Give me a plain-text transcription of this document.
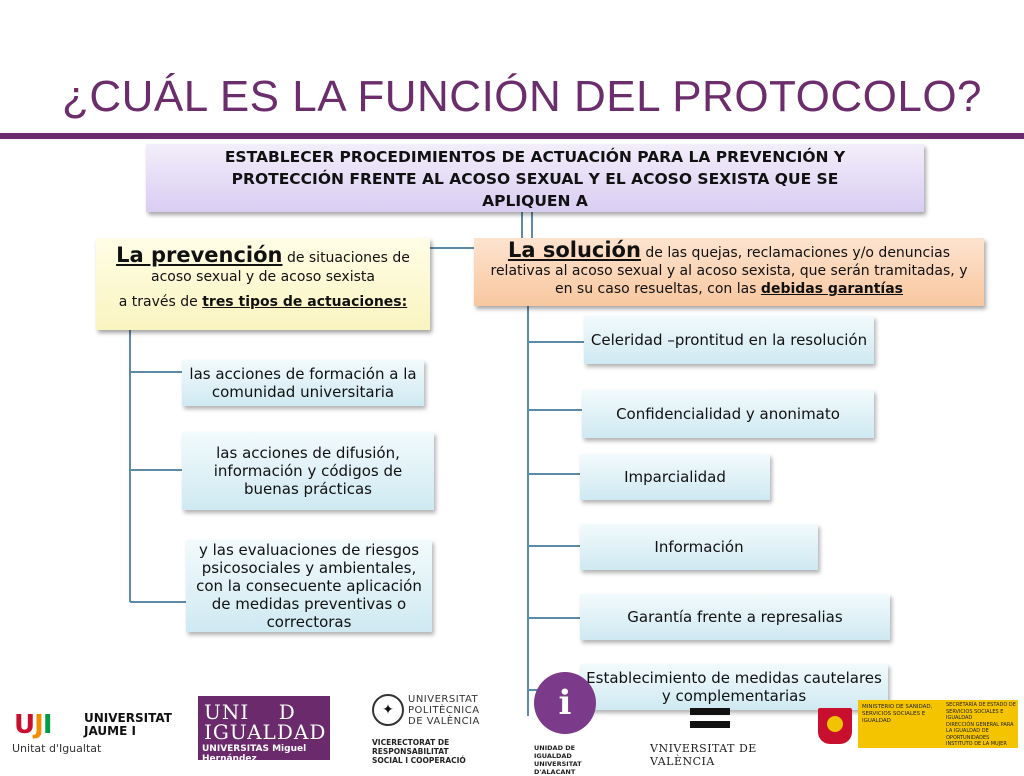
¿CUÁL ES LA FUNCIÓN DEL PROTOCOLO?
ESTABLECER PROCEDIMIENTOS DE ACTUACIÓN PARA LA PREVENCIÓN Y
PROTECCIÓN FRENTE AL ACOSO SEXUAL Y EL ACOSO SEXISTA QUE SE
APLIQUEN A
La prevención de situaciones de acoso sexual y de acoso sexista
a través de tres tipos de actuaciones:
La solución de las quejas, reclamaciones y/o denuncias relativas al acoso sexual y al acoso sexista, que serán tramitadas, y en su caso resueltas, con las debidas garantías
las acciones de formación a la comunidad universitaria
las acciones de difusión, información y códigos de buenas prácticas
y las evaluaciones de riesgos psicosociales y ambientales, con la consecuente aplicación de medidas preventivas o correctoras
Celeridad –prontitud en la resolución
Confidencialidad y anonimato
Imparcialidad
Información
Garantía frente a represalias
Establecimiento de medidas cautelares y complementarias
UJI	UNIVERSITAT
JAUME I
Unitat d'Igualtat
UNI D
IGUALDAD
UNIVERSITAS Miguel Hernández
✦
UNIVERSITAT
POLITÈCNICA
DE VALÈNCIA
VICERECTORAT DE RESPONSABILITAT
SOCIAL I COOPERACIÓ
i
UNIDAD DE IGUALDAD
UNIVERSITAT D'ALACANT
VNIVERSITAT DE VALÈNCIA
MINISTERIO DE SANIDAD, SERVICIOS SOCIALES E IGUALDAD
SECRETARÍA DE ESTADO DE SERVICIOS SOCIALES E IGUALDAD
DIRECCIÓN GENERAL PARA LA IGUALDAD DE OPORTUNIDADES
INSTITUTO DE LA MUJER
